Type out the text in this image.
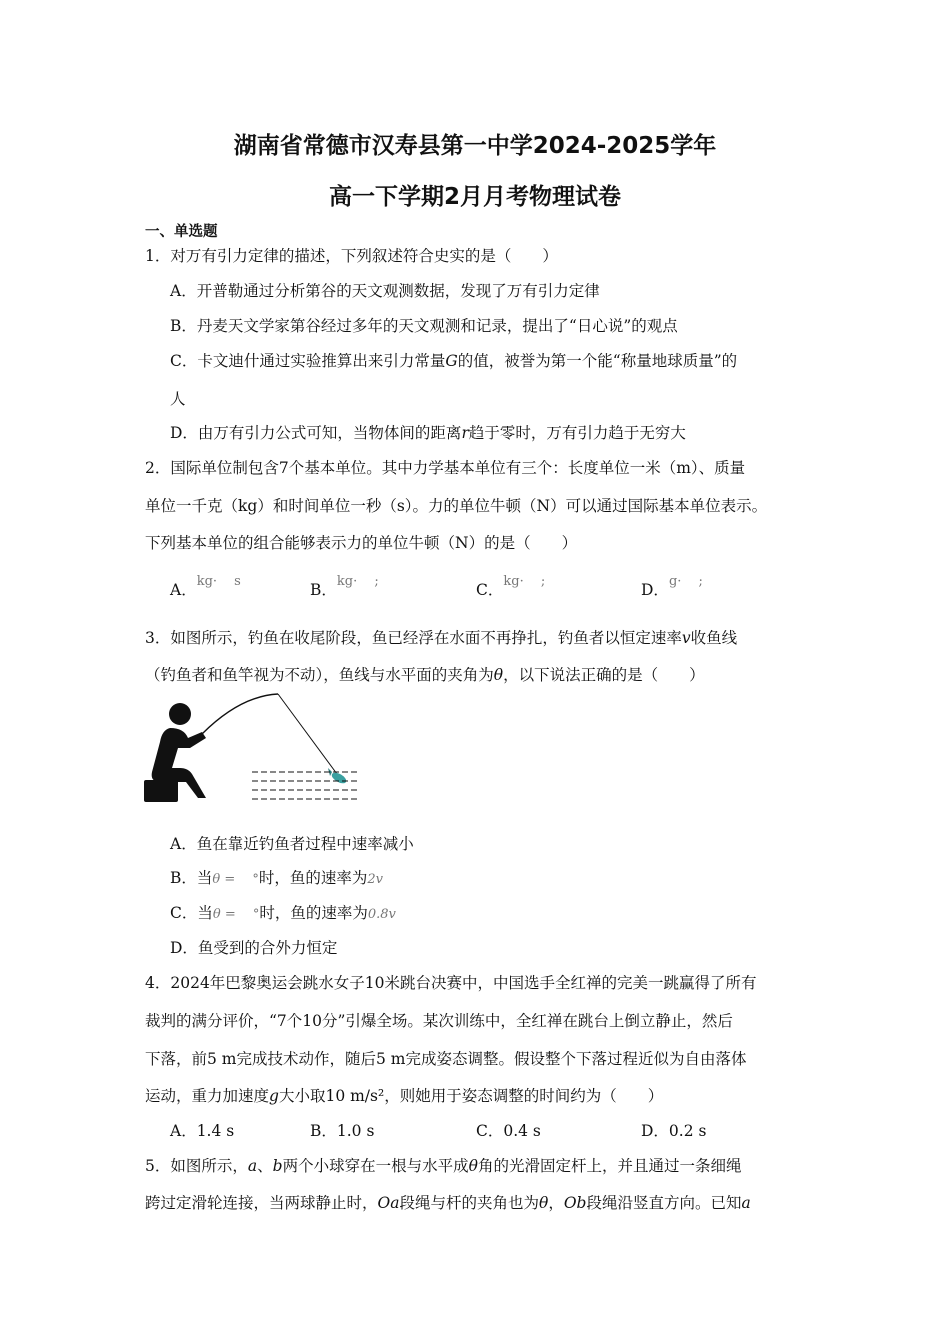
湖南省常德市汉寿县第一中学2024-2025学年
高一下学期2月月考物理试卷
一、单选题
1．对万有引力定律的描述，下列叙述符合史实的是（　　）
A．开普勒通过分析第谷的天文观测数据，发现了万有引力定律
B．丹麦天文学家第谷经过多年的天文观测和记录，提出了“日心说”的观点
C．卡文迪什通过实验推算出来引力常量G的值，被誉为第一个能“称量地球质量”的
人
D．由万有引力公式可知，当物体间的距离r趋于零时，万有引力趋于无穷大
2．国际单位制包含7个基本单位。其中力学基本单位有三个：长度单位一米（m）、质量
单位一千克（kg）和时间单位一秒（s）。力的单位牛顿（N）可以通过国际基本单位表示。
下列基本单位的组合能够表示力的单位牛顿（N）的是（　　）
A．$^{kg\cdot s}$	B．$^{kg\cdot ;}$	C．$^{kg\cdot ;}$	D．$^{g\cdot ;}$
3．如图所示，钓鱼在收尾阶段，鱼已经浮在水面不再挣扎，钓鱼者以恒定速率v收鱼线
（钓鱼者和鱼竿视为不动），鱼线与水平面的夹角为θ，以下说法正确的是（　　）
A．鱼在靠近钓鱼者过程中速率减小
B．当θ =　 °时，鱼的速率为2v
C．当θ =　 °时，鱼的速率为0.8v
D．鱼受到的合外力恒定
4．2024年巴黎奥运会跳水女子10米跳台决赛中，中国选手全红禅的完美一跳赢得了所有
裁判的满分评价，“7个10分”引爆全场。某次训练中，全红禅在跳台上倒立静止，然后
下落，前5 m完成技术动作，随后5 m完成姿态调整。假设整个下落过程近似为自由落体
运动，重力加速度g大小取10 m/s²，则她用于姿态调整的时间约为（　　）
A．1.4 s	B．1.0 s	C．0.4 s	D．0.2 s
5．如图所示，a、b两个小球穿在一根与水平成θ角的光滑固定杆上，并且通过一条细绳
跨过定滑轮连接，当两球静止时，Oa段绳与杆的夹角也为θ，Ob段绳沿竖直方向。已知a
